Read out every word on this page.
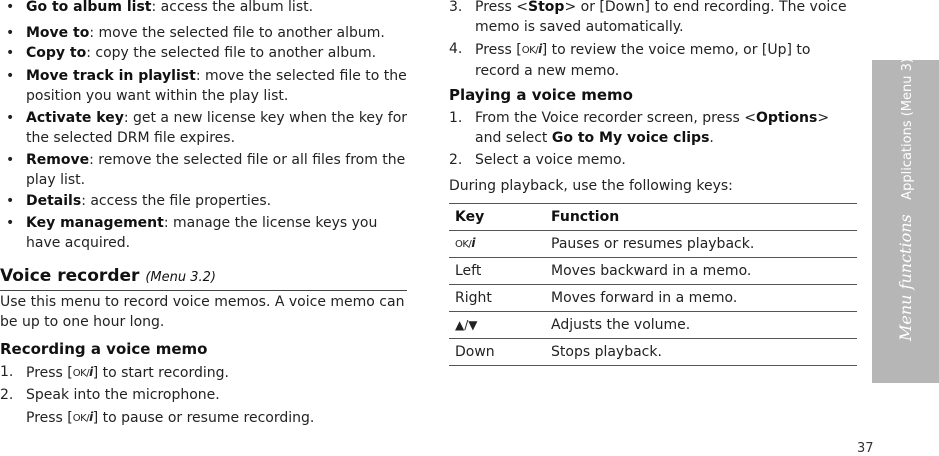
• Go to album list: access the album list.
• Move to: move the selected file to another album.
• Copy to: copy the selected file to another album.
• Move track in playlist: move the selected file to the position you want within the play list.
• Activate key: get a new license key when the key for the selected DRM file expires.
• Remove: remove the selected file or all files from the play list.
• Details: access the file properties.
• Key management: manage the license keys you have acquired.
Voice recorder (Menu 3.2)
Use this menu to record voice memos. A voice memo can be up to one hour long.
Recording a voice memo
1. Press [OK/i] to start recording.
2. Speak into the microphone.
Press [OK/i] to pause or resume recording.
3. Press <Stop> or [Down] to end recording. The voice memo is saved automatically.
4. Press [OK/i] to review the voice memo, or [Up] to record a new memo.
Playing a voice memo
1. From the Voice recorder screen, press <Options> and select Go to My voice clips.
2. Select a voice memo.
During playback, use the following keys:
Key	Function
OK/i	Pauses or resumes playback.
Left	Moves backward in a memo.
Right	Moves forward in a memo.
▲/▼	Adjusts the volume.
Down	Stops playback.
Menu functions Applications (Menu 3)
37
